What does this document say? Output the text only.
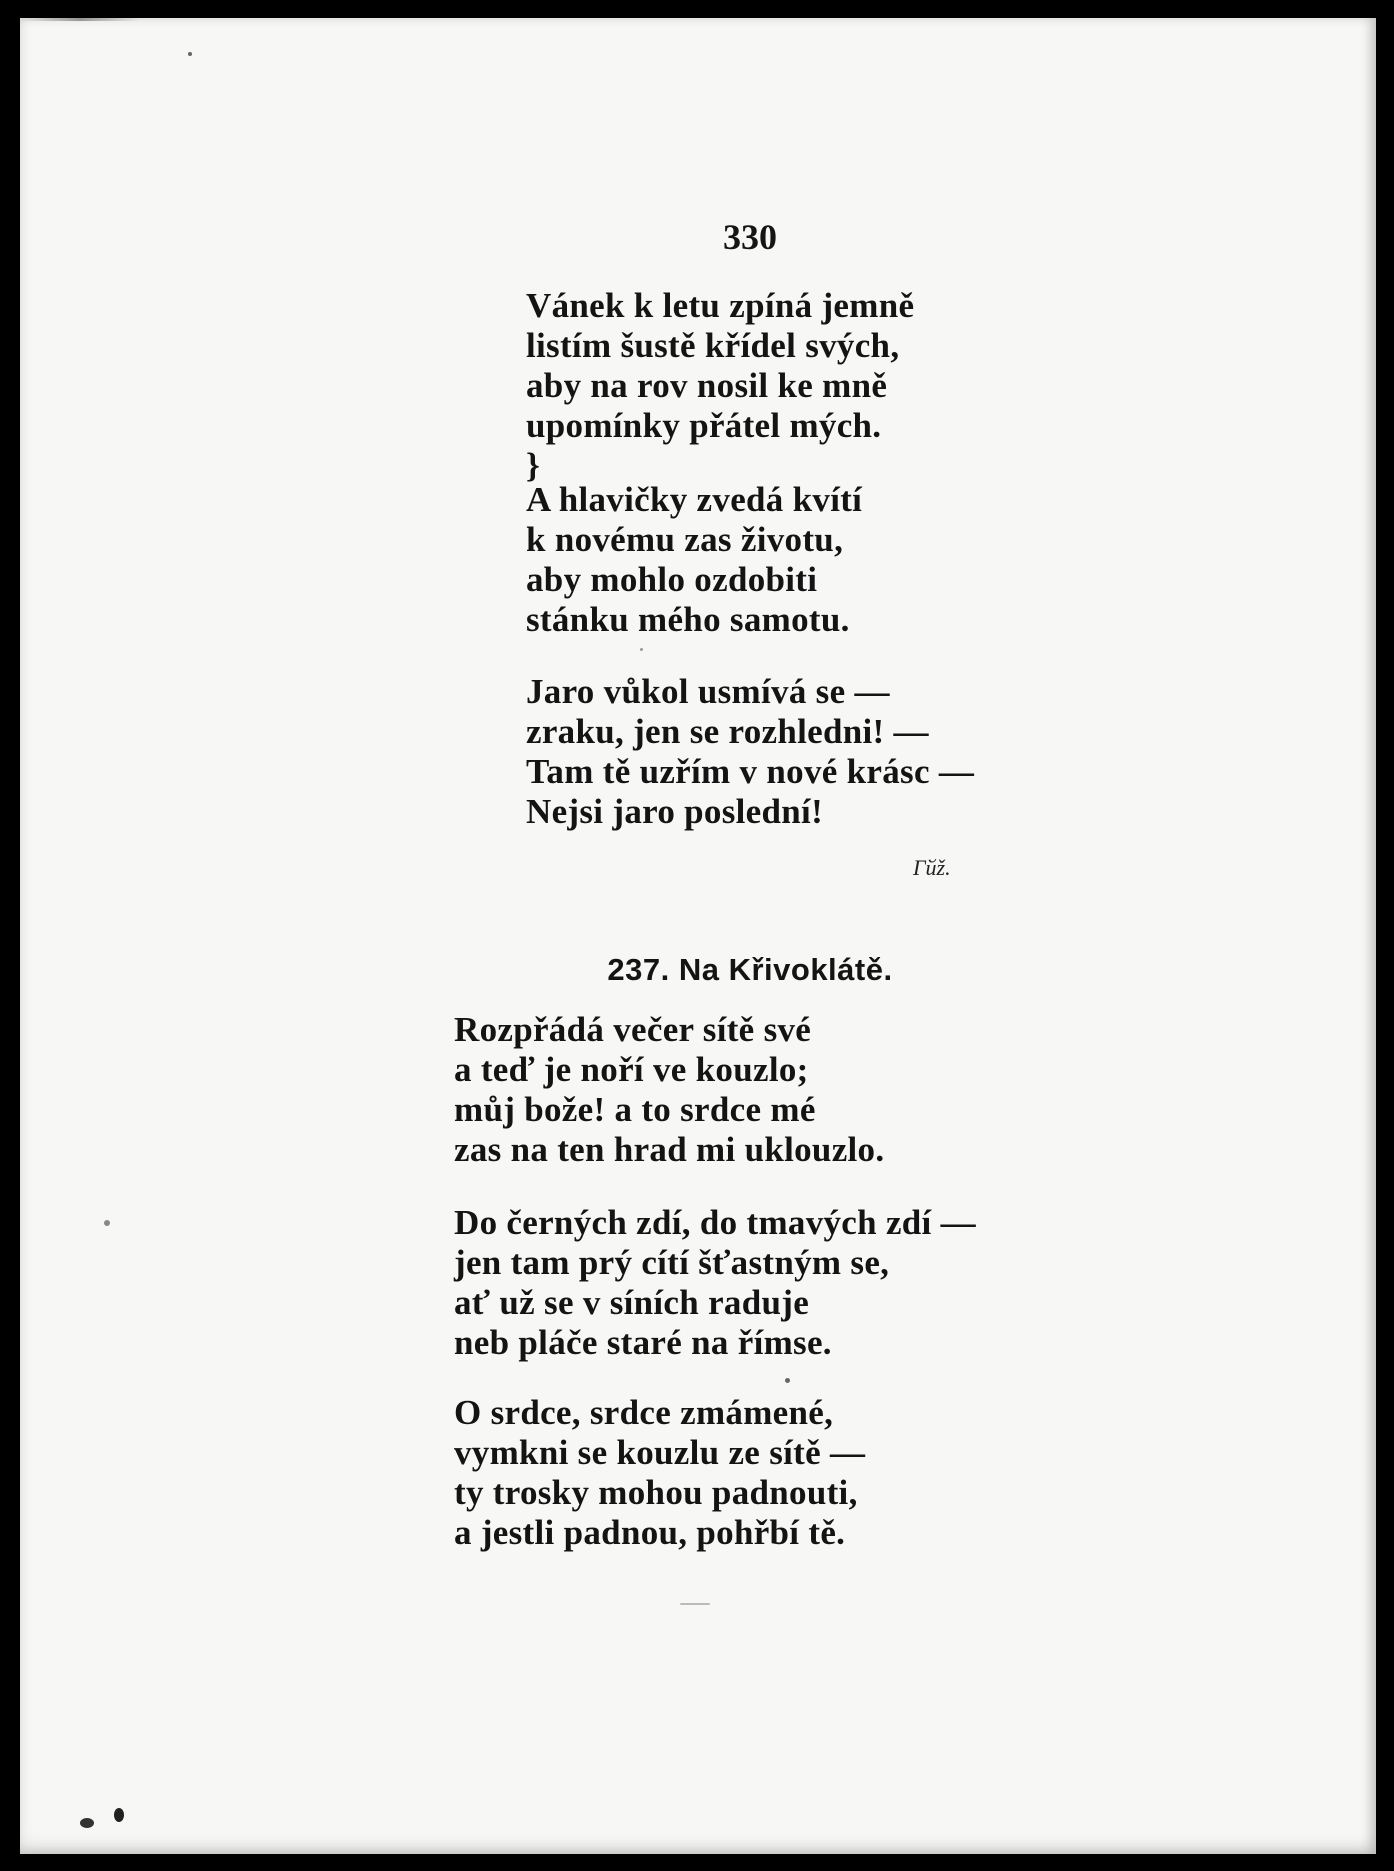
330
Vánek k letu zpíná jemně
listím šustě křídel svých,
aby na rov nosil ke mně
upomínky přátel mých.
}
A hlavičky zvedá kvítí
k novému zas životu,
aby mohlo ozdobiti
stánku mého samotu.
Jaro vůkol usmívá se —
zraku, jen se rozhledni! —
Tam tě uzřím v nové krásc —
Nejsi jaro poslední!
Гйž.
237. Na Křivoklátě.
Rozpřádá večer sítě své
a teď je noří ve kouzlo;
můj bože! a to srdce mé
zas na ten hrad mi uklouzlo.
Do černých zdí, do tmavých zdí —
jen tam prý cítí šťastným se,
ať už se v síních raduje
neb pláče staré na římse.
O srdce, srdce zmámené,
vymkni se kouzlu ze sítě —
ty trosky mohou padnouti,
a jestli padnou, pohřbí tě.
